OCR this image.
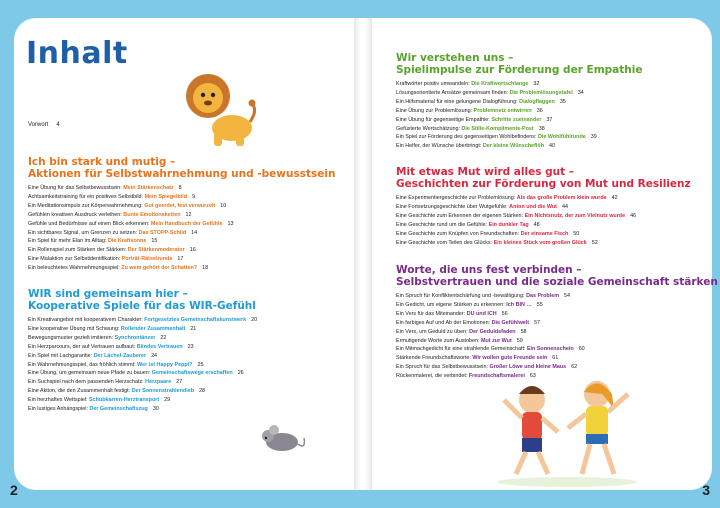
2	3
Inhalt
Vorwort 4
Ich bin stark und mutig –
Aktionen für Selbstwahrnehmung und -bewusstsein
Eine Übung für das Selbstbewusstsein: Mein Stärkenschatz 8
Achtsamkeitstraining für ein positives Selbstbild: Mein Spiegelbild 9
Ein Meditationsimpuls zur Körperwahrnehmung: Gut geerdet, fest verwurzelt 10
Gefühlen kreativen Ausdruck verleihen: Bunte Emotionsketten 12
Gefühle und Bedürfnisse auf einen Blick erkennen: Mein Handbuch der Gefühle 13
Ein sichtbares Signal, um Grenzen zu setzen: Das STOPP-Schild 14
Ein Spiel für mehr Elan im Alltag: Die Kraftsonne 15
Ein Rollenspiel zum Stärken der Stärken: Der Stärkenmoderator 16
Eine Malaktion zur Selbstidentifikation: Porträt-Rätselrunde 17
Ein beleuchtetes Wahrnehmungsspiel: Zu wem gehört der Schatten? 18
WIR sind gemeinsam hier –
Kooperative Spiele für das WIR-Gefühl
Ein Kreativangebot mit kooperativem Charakter: Fortgesetztes Gemeinschaftskunstwerk 20
Eine kooperative Übung mit Schwung: Rollender Zusammenhalt 21
Bewegungsmuster gezielt imitieren: Synchrontänzer 22
Ein Herzparcours, der auf Vertrauen aufbaut: Blindes Vertrauen 23
Ein Spiel mit Lachgarantie: Der Lächel-Zauberer 24
Ein Wahrnehmungsspiel, das fröhlich stimmt: Wer ist Happy Peppi? 25
Eine Übung, um gemeinsam neue Pfade zu bauen: Gemeinschaftswege erschaffen 26
Ein Suchspiel nach dem passenden Herzschatz: Herzpaare 27
Eine Aktion, die den Zusammenhalt festigt: Der Sonnenstrahlendieb 28
Ein herzhaftes Wettspiel: Schubkarren-Herztransport 29
Ein lustiges Anhängspiel: Der Gemeinschaftszug 30
Wir verstehen uns –
Spielimpulse zur Förderung der Empathie
Kraftwörter positiv umwandeln: Die Kraftwortschlange 32
Lösungsorientierte Ansätze gemeinsam finden: Die Problemlösungstafel 34
Ein Hilfsmaterial für eine gelungene Dialogführung: Dialogflaggen 35
Eine Übung zur Problemlösung: Problemnetz entwirren 36
Eine Übung für gegenseitige Empathie: Schritte zueinander 37
Gefüsterte Wertschätzung: Die Stille-Komplimente-Post 38
Ein Spiel zur Förderung des gegenseitigen Wohlbefindens: Die Wohlfühlrunde 39
Ein Helfer, der Wünsche überbringt: Der kleine Wünscheflöh 40
Mit etwas Mut wird alles gut –
Geschichten zur Förderung von Mut und Resilienz
Eine Experimentiergeschichte zur Problemlösung: Als das große Problem klein wurde 42
Eine Fortsetzungsgeschichte über Wutgefühle: Anton und die Wut 44
Eine Geschichte zum Erkennen der eigenen Stärken: Ein Nichtsnutz, der zum Vielnutz wurde 46
Eine Geschichte rund um die Gefühle: Ein dunkler Tag 48
Eine Geschichte zum Knüpfen von Freundschaften: Der einsame Fisch 50
Eine Geschichte vom Teilen des Glücks: Ein kleines Stück vom großen Glück 52
Worte, die uns fest verbinden –
Selbstvertrauen und die soziale Gemeinschaft stärken
Ein Spruch für Konfliktentschärfung und -bewältigung: Das Problem 54
Ein Gedicht, um eigene Stärken zu erkennen: Ich BIN … 55
Ein Vers für das Miteinander: DU und ICH 56
Ein farbiges Auf und Ab der Emotionen: Die Gefühlwelt 57
Ein Vers, um Geduld zu üben: Der Geduldsfaden 58
Ermutigende Worte zum Austoben: Mut zur Wut 59
Ein Mitmachgedicht für eine strahlende Gemeinschaft: Ein Sonnenschein 60
Stärkende Freundschaftsworte: Wir wollen gute Freunde sein 61
Ein Spruch für das Selbstbewusstsein: Großer Löwe und kleine Maus 62
Rückenmalerei, die verbindet: Freundschaftsmalerei 63
